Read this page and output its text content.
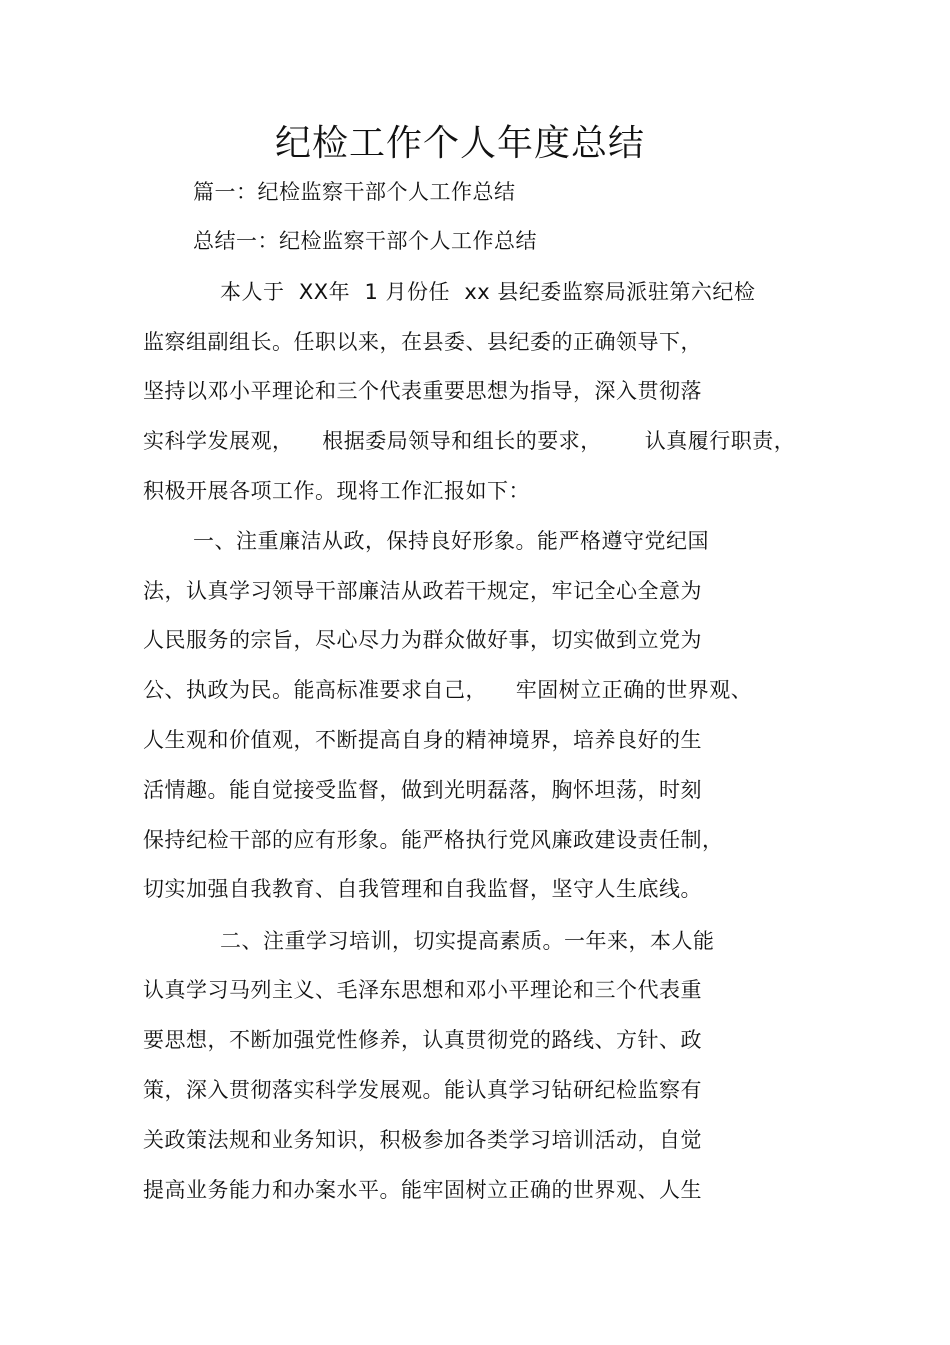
纪检工作个人年度总结
篇一：纪检监察干部个人工作总结
总结一：纪检监察干部个人工作总结
本人于  XX年  1 月份任  xx 县纪委监察局派驻第六纪检
监察组副组长。任职以来，在县委、县纪委的正确领导下，
坚持以邓小平理论和三个代表重要思想为指导，深入贯彻落
实科学发展观，    根据委局领导和组长的要求，      认真履行职责，
积极开展各项工作。现将工作汇报如下：
一、注重廉洁从政，保持良好形象。能严格遵守党纪国
法，认真学习领导干部廉洁从政若干规定，牢记全心全意为
人民服务的宗旨，尽心尽力为群众做好事，切实做到立党为
公、执政为民。能高标准要求自己，    牢固树立正确的世界观、
人生观和价值观，不断提高自身的精神境界，培养良好的生
活情趣。能自觉接受监督，做到光明磊落，胸怀坦荡，时刻
保持纪检干部的应有形象。能严格执行党风廉政建设责任制，
切实加强自我教育、自我管理和自我监督，坚守人生底线。
二、注重学习培训，切实提高素质。一年来，本人能
认真学习马列主义、毛泽东思想和邓小平理论和三个代表重
要思想，不断加强党性修养，认真贯彻党的路线、方针、政
策，深入贯彻落实科学发展观。能认真学习钻研纪检监察有
关政策法规和业务知识，积极参加各类学习培训活动，自觉
提高业务能力和办案水平。能牢固树立正确的世界观、人生
